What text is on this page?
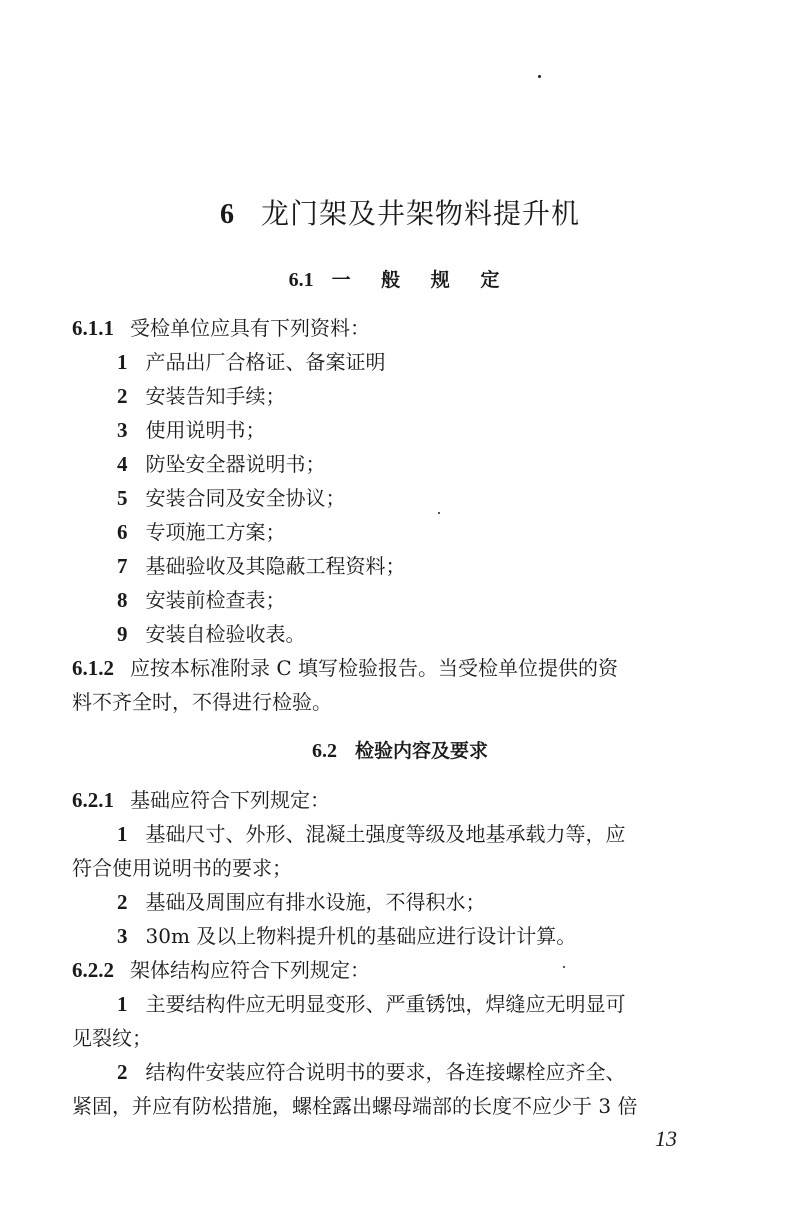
6 龙门架及井架物料提升机
6.1 一 般 规 定
6.1.1 受检单位应具有下列资料：
1 产品出厂合格证、备案证明
2 安装告知手续；
3 使用说明书；
4 防坠安全器说明书；
5 安装合同及安全协议；
6 专项施工方案；
7 基础验收及其隐蔽工程资料；
8 安装前检查表；
9 安装自检验收表。
6.1.2 应按本标准附录 C 填写检验报告。当受检单位提供的资
料不齐全时，不得进行检验。
6.2 检验内容及要求
6.2.1 基础应符合下列规定：
1 基础尺寸、外形、混凝土强度等级及地基承载力等，应
符合使用说明书的要求；
2 基础及周围应有排水设施，不得积水；
3 30m 及以上物料提升机的基础应进行设计计算。
6.2.2 架体结构应符合下列规定：
1 主要结构件应无明显变形、严重锈蚀，焊缝应无明显可
见裂纹；
2 结构件安装应符合说明书的要求，各连接螺栓应齐全、
紧固，并应有防松措施，螺栓露出螺母端部的长度不应少于 3 倍
13
